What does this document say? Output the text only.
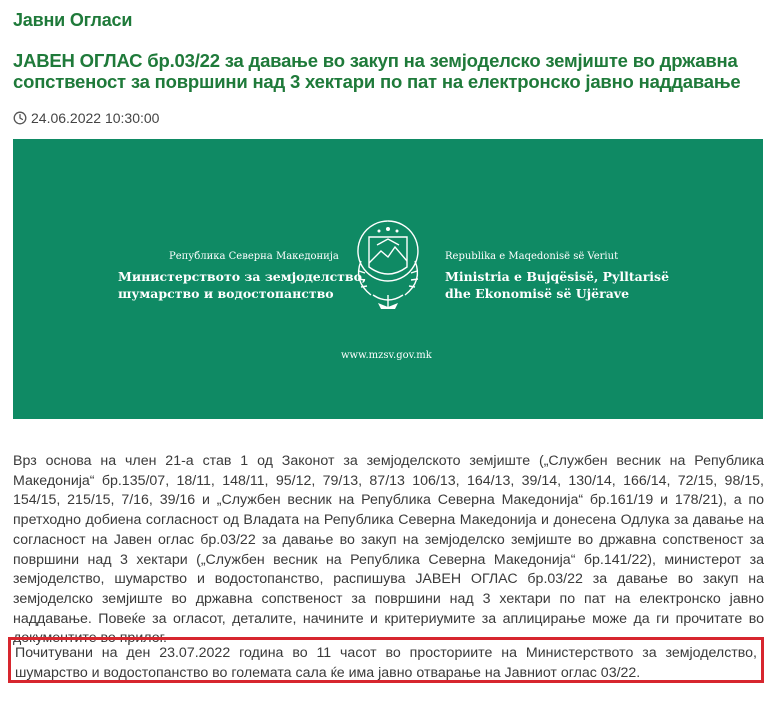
Јавни Огласи
ЈАВЕН ОГЛАС бр.03/22 за давање во закуп на земјоделско земјиште во државна сопственост за површини над 3 хектари по пат на електронско јавно наддавање
24.06.2022 10:30:00
Република Северна Македонија
Министерството за земјоделство,
шумарство и водостопанство
Republika e Maqedonisë së Veriut
Ministria e Bujqësisë, Pylltarisë
dhe Ekonomisë së Ujërave
www.mzsv.gov.mk

Врз основа на член 21-а став 1 од Законот за земјоделското земјиште („Службен весник на Република Македонија“ бр.135/07, 18/11, 148/11, 95/12, 79/13, 87/13 106/13, 164/13, 39/14, 130/14, 166/14, 72/15, 98/15, 154/15, 215/15, 7/16, 39/16 и „Службен весник на Република Северна Македонија“ бр.161/19 и 178/21), а по претходно добиена согласност од Владата на Република Северна Македонија и донесена Одлука за давање на согласност на Јавен оглас бр.03/22 за давање во закуп на земјоделско земјиште во државна сопственост за површини над 3 хектари („Службен весник на Република Северна Македонија“ бр.141/22), министерот за земјоделство, шумарство и водостопанство, распишува ЈАВЕН ОГЛАС бр.03/22 за давање во закуп на земјоделско земјиште во државна сопственост за површини над 3 хектари по пат на електронско јавно наддавање. Повеќе за огласот, деталите, начините и критериумите за аплицирање може да ги прочитате во документите во прилог.

Почитувани на ден 23.07.2022 година во 11 часот во просториите на Министерството за земјоделство, шумарство и водостопанство во големата сала ќе има јавно отварање на Јавниот оглас 03/22.
